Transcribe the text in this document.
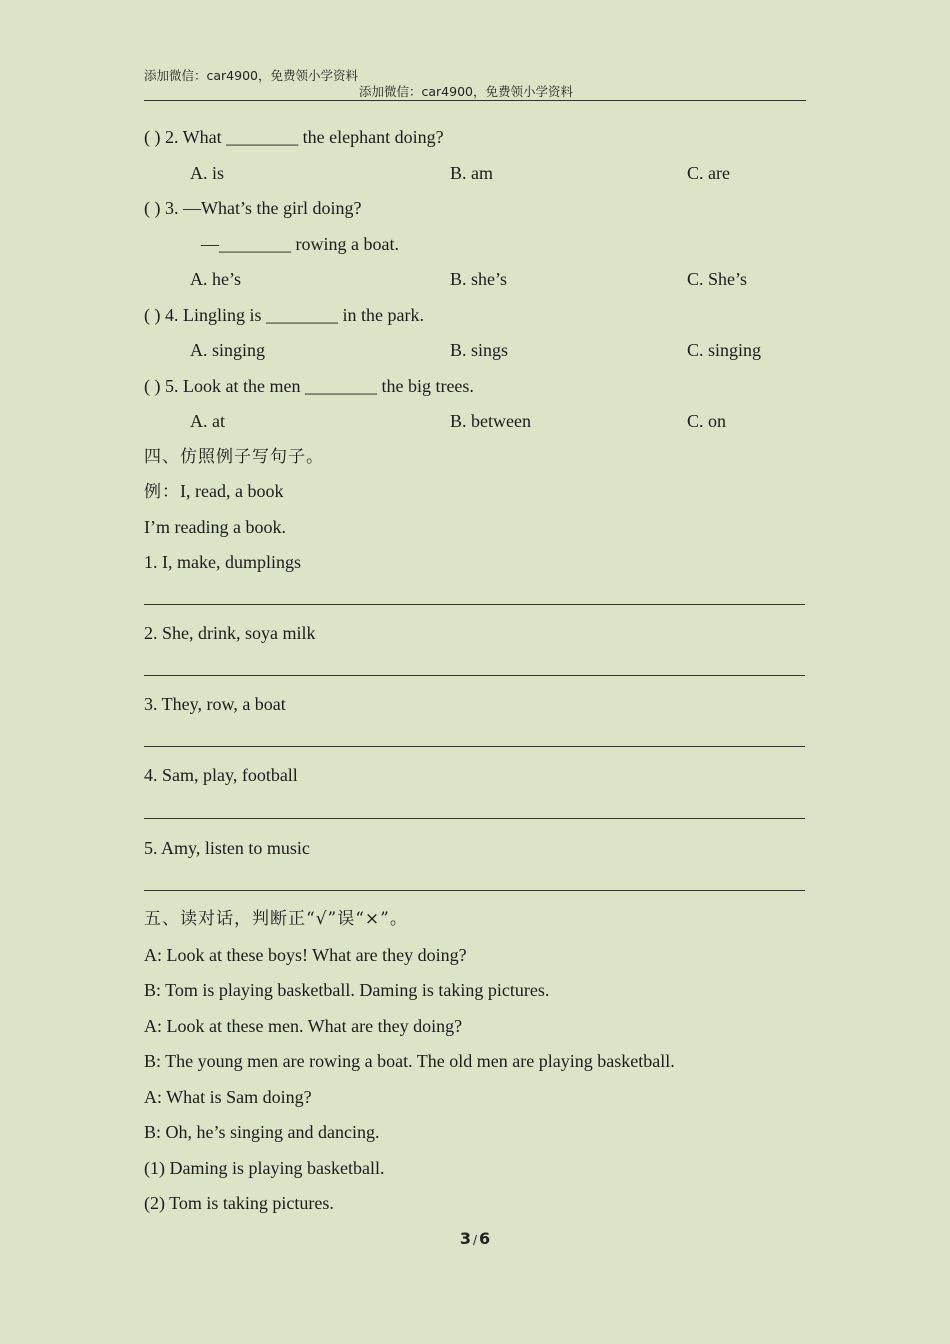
添加微信：car4900，免费领小学资料
添加微信：car4900，免费领小学资料
( ) 2. What ________ the elephant doing?
A. is	B. am	C. are
( ) 3. —What’s the girl doing?
—________ rowing a boat.
A. he’s	B. she’s	C. She’s
( ) 4. Lingling is ________ in the park.
A. singing	B. sings	C. singing
( ) 5. Look at the men ________ the big trees.
A. at	B. between	C. on
四、仿照例子写句子。
例：I, read, a book
I’m reading a book.
1. I, make, dumplings
2. She, drink, soya milk
3. They, row, a boat
4. Sam, play, football
5. Amy, listen to music
五、读对话，判断正“√”误“×”。
A: Look at these boys! What are they doing?
B: Tom is playing basketball. Daming is taking pictures.
A: Look at these men. What are they doing?
B: The young men are rowing a boat. The old men are playing basketball.
A: What is Sam doing?
B: Oh, he’s singing and dancing.
(1) Daming is playing basketball.
(2) Tom is taking pictures.
3 / 6
